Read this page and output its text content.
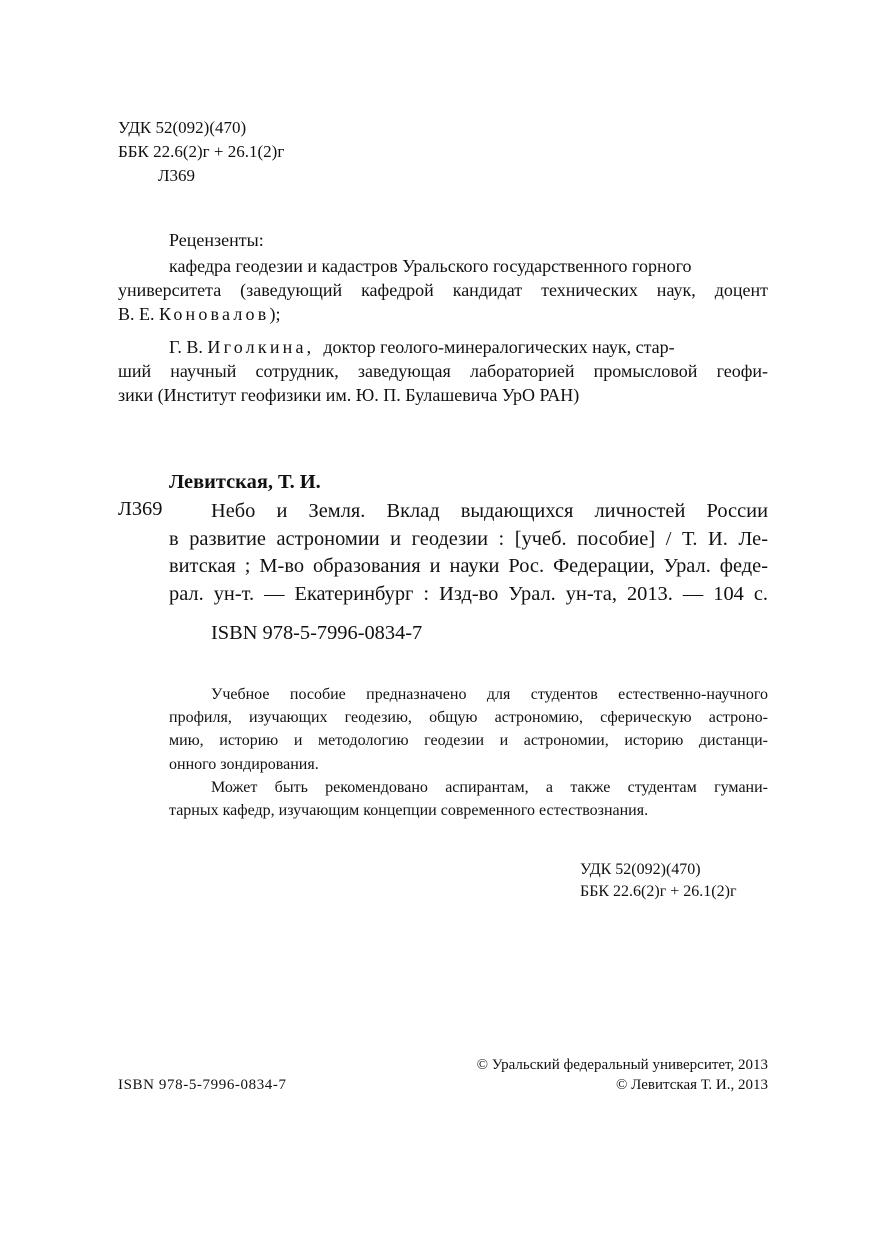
УДК 52(092)(470)
ББК 22.6(2)г + 26.1(2)г
Л369
Рецензенты:
кафедра геодезии и кадастров Уральского государственного горного
университета (заведующий кафедрой кандидат технических наук, доцент
В. Е. Коновалов);
Г. В. Иголкина, доктор геолого-минералогических наук, стар-
ший научный сотрудник, заведующая лабораторией промысловой геофи-
зики (Институт геофизики им. Ю. П. Булашевича УрО РАН)
Левитская, Т. И.
Л369	Небо и Земля. Вклад выдающихся личностей России
в развитие астрономии и геодезии : [учеб. пособие] / Т. И. Ле-
витская ; М-во образования и науки Рос. Федерации, Урал. феде-
рал. ун-т. — Екатеринбург : Изд-во Урал. ун-та, 2013. — 104 с.
ISBN 978-5-7996-0834-7
Учебное пособие предназначено для студентов естественно-научного
профиля, изучающих геодезию, общую астрономию, сферическую астроно-
мию, историю и методологию геодезии и астрономии, историю дистанци-
онного зондирования.
Может быть рекомендовано аспирантам, а также студентам гумани-
тарных кафедр, изучающим концепции современного естествознания.
УДК 52(092)(470)
ББК 22.6(2)г + 26.1(2)г
© Уральский федеральный университет, 2013
© Левитская Т. И., 2013
ISBN 978-5-7996-0834-7
